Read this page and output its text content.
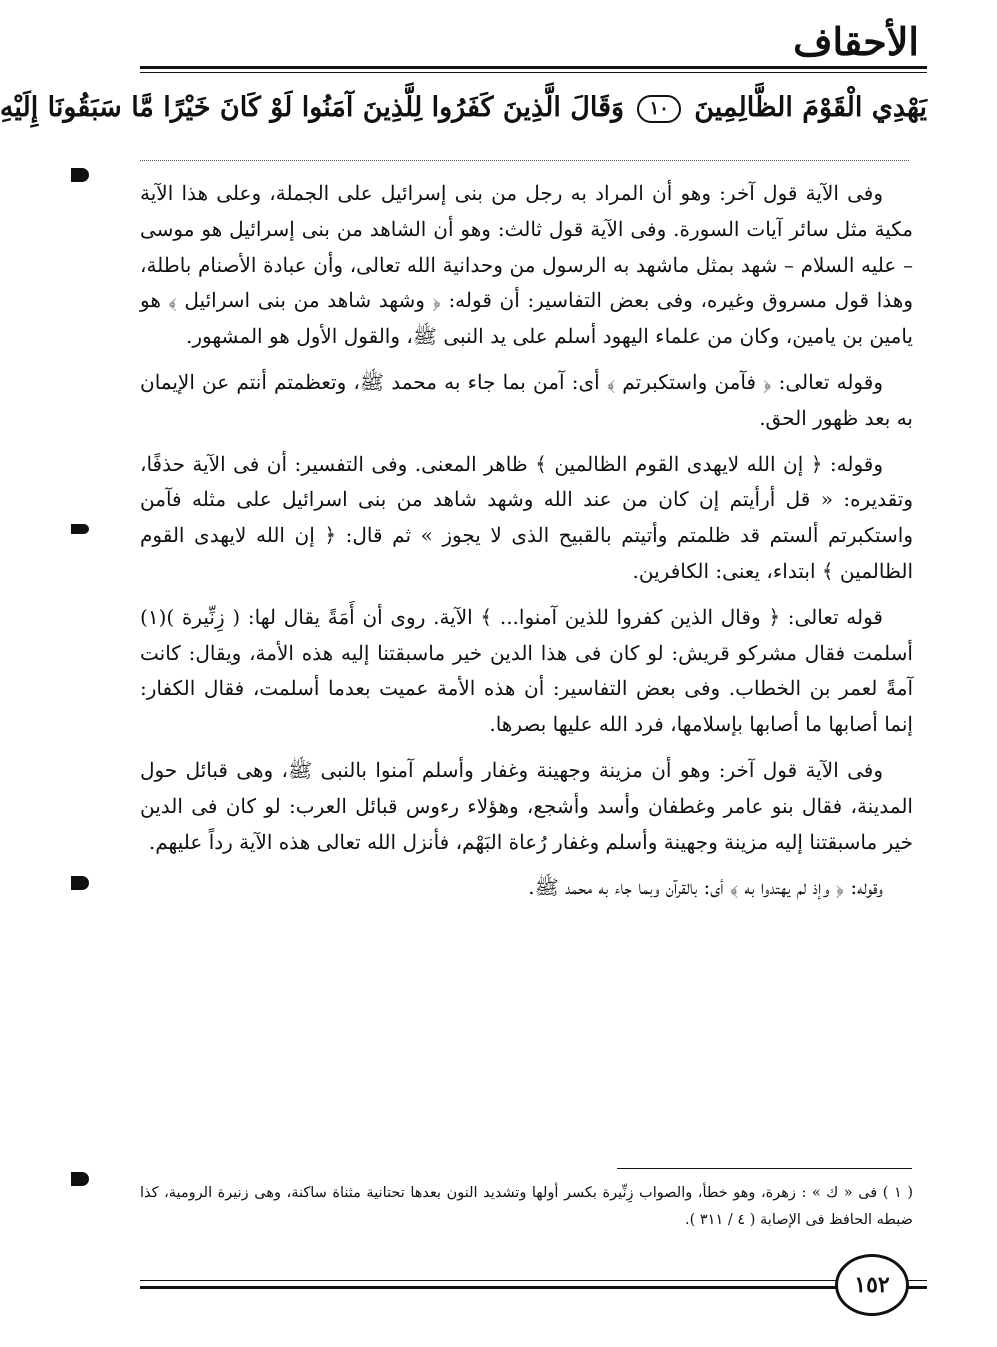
الأحقاف
يَهْدِي الْقَوْمَ الظَّالِمِينَ ١٠ وَقَالَ الَّذِينَ كَفَرُوا لِلَّذِينَ آمَنُوا لَوْ كَانَ خَيْرًا مَّا سَبَقُونَا إِلَيْهِ

وفى الآية قول آخر: وهو أن المراد به رجل من بنى إسرائيل على الجملة، وعلى هذا الآية مكية مثل سائر آيات السورة. وفى الآية قول ثالث: وهو أن الشاهد من بنى إسرائيل هو موسى – عليه السلام – شهد بمثل ماشهد به الرسول من وحدانية الله تعالى، وأن عبادة الأصنام باطلة، وهذا قول مسروق وغيره، وفى بعض التفاسير: أن قوله: ﴿ وشهد شاهد من بنى اسرائيل ﴾ هو يامين بن يامين، وكان من علماء اليهود أسلم على يد النبى ﷺ، والقول الأول هو المشهور.

وقوله تعالى: ﴿ فآمن واستكبرتم ﴾ أى: آمن بما جاء به محمد ﷺ، وتعظمتم أنتم عن الإيمان به بعد ظهور الحق.

وقوله: ﴿ إن الله لايهدى القوم الظالمين ﴾ ظاهر المعنى. وفى التفسير: أن فى الآية حذفًا، وتقديره: « قل أرأيتم إن كان من عند الله وشهد شاهد من بنى اسرائيل على مثله فآمن واستكبرتم ألستم قد ظلمتم وأتيتم بالقبيح الذى لا يجوز » ثم قال: ﴿ إن الله لايهدى القوم الظالمين ﴾ ابتداء، يعنى: الكافرين.

قوله تعالى: ﴿ وقال الذين كفروا للذين آمنوا... ﴾ الآية. روى أن أَمَةً يقال لها: ( زِنِّيرة )(١) أسلمت فقال مشركو قريش: لو كان فى هذا الدين خير ماسبقتنا إليه هذه الأمة، ويقال: كانت آمةً لعمر بن الخطاب. وفى بعض التفاسير: أن هذه الأمة عميت بعدما أسلمت، فقال الكفار: إنما أصابها ما أصابها بإسلامها، فرد الله عليها بصرها.

وفى الآية قول آخر: وهو أن مزينة وجهينة وغفار وأسلم آمنوا بالنبى ﷺ، وهى قبائل حول المدينة، فقال بنو عامر وغطفان وأسد وأشجع، وهؤلاء رءوس قبائل العرب: لو كان فى الدين خير ماسبقتنا إليه مزينة وجهينة وأسلم وغفار رُعاة البَهْم، فأنزل الله تعالى هذه الآية رداً عليهم.

وقوله: ﴿ وإذ لم يهتدوا به ﴾ أى: بالقرآن وبما جاء به محمد ﷺ.

( ١ ) فى « ك » : زهرة، وهو خطأ، والصواب زِنِّيرة بكسر أولها وتشديد النون بعدها تحتانية مثناة ساكنة، وهى زنيرة الرومية، كذا ضبطه الحافظ فى الإصابة ( ٤ / ٣١١ ).

١٥٢
